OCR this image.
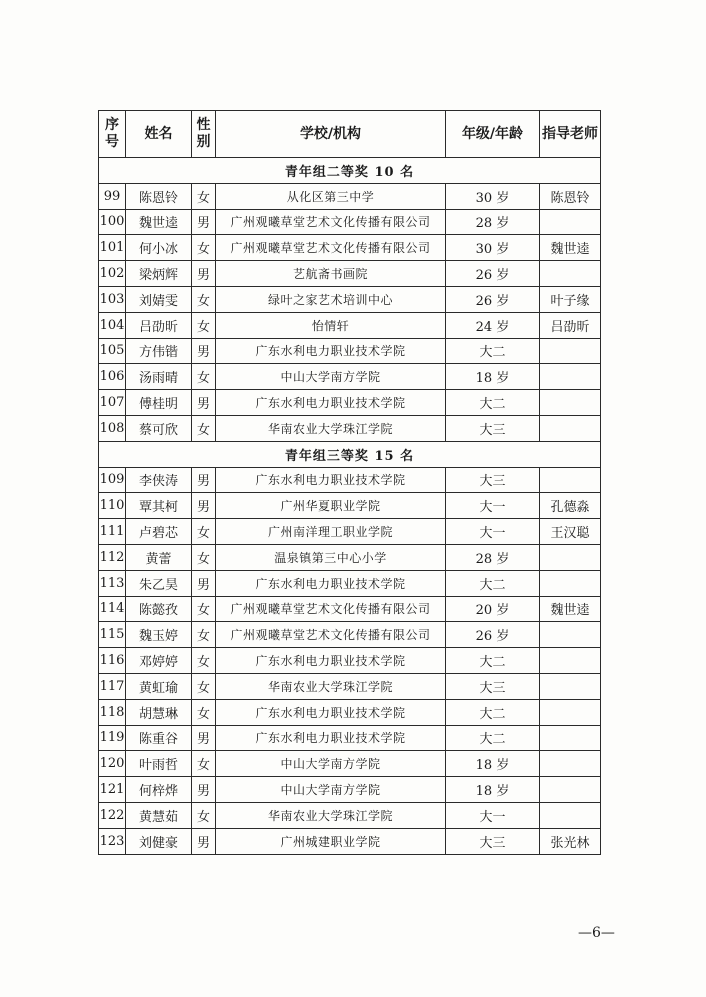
序号	姓名	性别	学校/机构	年级/年龄	指导老师
青年组二等奖 10 名					
99	陈恩铃	女	从化区第三中学	30 岁	陈恩铃
100	魏世逵	男	广州观曦草堂艺术文化传播有限公司	28 岁	
101	何小冰	女	广州观曦草堂艺术文化传播有限公司	30 岁	魏世逵
102	梁炳辉	男	艺航斋书画院	26 岁	
103	刘婧雯	女	绿叶之家艺术培训中心	26 岁	叶子缘
104	吕劭昕	女	怡情轩	24 岁	吕劭昕
105	方伟锴	男	广东水利电力职业技术学院	大二	
106	汤雨晴	女	中山大学南方学院	18 岁	
107	傅桂明	男	广东水利电力职业技术学院	大二	
108	蔡可欣	女	华南农业大学珠江学院	大三	
青年组三等奖 15 名					
109	李侠涛	男	广东水利电力职业技术学院	大三	
110	覃其柯	男	广州华夏职业学院	大一	孔德淼
111	卢碧芯	女	广州南洋理工职业学院	大一	王汉聪
112	黄蕾	女	温泉镇第三中心小学	28 岁	
113	朱乙昊	男	广东水利电力职业技术学院	大二	
114	陈懿孜	女	广州观曦草堂艺术文化传播有限公司	20 岁	魏世逵
115	魏玉婷	女	广州观曦草堂艺术文化传播有限公司	26 岁	
116	邓婷婷	女	广东水利电力职业技术学院	大二	
117	黄虹瑜	女	华南农业大学珠江学院	大三	
118	胡慧琳	女	广东水利电力职业技术学院	大二	
119	陈重谷	男	广东水利电力职业技术学院	大二	
120	叶雨哲	女	中山大学南方学院	18 岁	
121	何梓烨	男	中山大学南方学院	18 岁	
122	黄慧茹	女	华南农业大学珠江学院	大一	
123	刘健豪	男	广州城建职业学院	大三	张光林
—6—
